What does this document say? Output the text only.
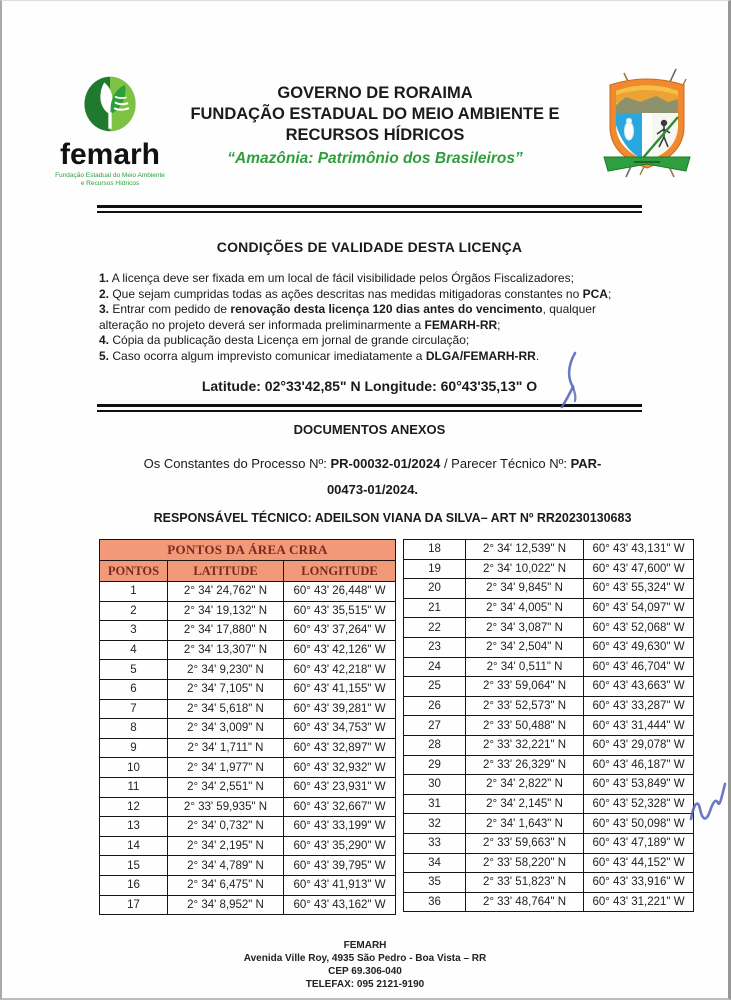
femarh
Fundação Estadual do Meio Ambiente
e Recursos Hídricos
GOVERNO DE RORAIMA
FUNDAÇÃO ESTADUAL DO MEIO AMBIENTE E
RECURSOS HÍDRICOS
“Amazônia: Patrimônio dos Brasileiros”
CONDIÇÕES DE VALIDADE DESTA LICENÇA
1. A licença deve ser fixada em um local de fácil visibilidade pelos Órgãos Fiscalizadores;
2. Que sejam cumpridas todas as ações descritas nas medidas mitigadoras constantes no PCA;
3. Entrar com pedido de renovação desta licença 120 dias antes do vencimento, qualquer alteração no projeto deverá ser informada preliminarmente a FEMARH-RR;
4. Cópia da publicação desta Licença em jornal de grande circulação;
5. Caso ocorra algum imprevisto comunicar imediatamente a DLGA/FEMARH-RR.
Latitude: 02°33'42,85" N Longitude: 60°43'35,13" O
DOCUMENTOS ANEXOS
Os Constantes do Processo Nº: PR-00032-01/2024 / Parecer Técnico Nº: PAR-
00473-01/2024.
RESPONSÁVEL TÉCNICO: ADEILSON VIANA DA SILVA– ART Nº RR20230130683
PONTOS DA ÁREA CRRA		
PONTOS	LATITUDE	LONGITUDE
1	2° 34' 24,762" N	60° 43' 26,448" W
2	2° 34' 19,132" N	60° 43' 35,515" W
3	2° 34' 17,880" N	60° 43' 37,264" W
4	2° 34' 13,307" N	60° 43' 42,126" W
5	2° 34' 9,230" N	60° 43' 42,218" W
6	2° 34' 7,105" N	60° 43' 41,155" W
7	2° 34' 5,618" N	60° 43' 39,281" W
8	2° 34' 3,009" N	60° 43' 34,753" W
9	2° 34' 1,711" N	60° 43' 32,897" W
10	2° 34' 1,977" N	60° 43' 32,932" W
11	2° 34' 2,551" N	60° 43' 23,931" W
12	2° 33' 59,935" N	60° 43' 32,667" W
13	2° 34' 0,732" N	60° 43' 33,199" W
14	2° 34' 2,195" N	60° 43' 35,290" W
15	2° 34' 4,789" N	60° 43' 39,795" W
16	2° 34' 6,475" N	60° 43' 41,913" W
17	2° 34' 8,952" N	60° 43' 43,162" W
18	2° 34' 12,539" N	60° 43' 43,131" W
19	2° 34' 10,022" N	60° 43' 47,600" W
20	2° 34' 9,845" N	60° 43' 55,324" W
21	2° 34' 4,005" N	60° 43' 54,097" W
22	2° 34' 3,087" N	60° 43' 52,068" W
23	2° 34' 2,504" N	60° 43' 49,630" W
24	2° 34' 0,511" N	60° 43' 46,704" W
25	2° 33' 59,064" N	60° 43' 43,663" W
26	2° 33' 52,573" N	60° 43' 33,287" W
27	2° 33' 50,488" N	60° 43' 31,444" W
28	2° 33' 32,221" N	60° 43' 29,078" W
29	2° 33' 26,329" N	60° 43' 46,187" W
30	2° 34' 2,822" N	60° 43' 53,849" W
31	2° 34' 2,145" N	60° 43' 52,328" W
32	2° 34' 1,643" N	60° 43' 50,098" W
33	2° 33' 59,663" N	60° 43' 47,189" W
34	2° 33' 58,220" N	60° 43' 44,152" W
35	2° 33' 51,823" N	60° 43' 33,916" W
36	2° 33' 48,764" N	60° 43' 31,221" W
FEMARH
Avenida Ville Roy, 4935 São Pedro - Boa Vista – RR
CEP 69.306-040
TELEFAX: 095 2121-9190
